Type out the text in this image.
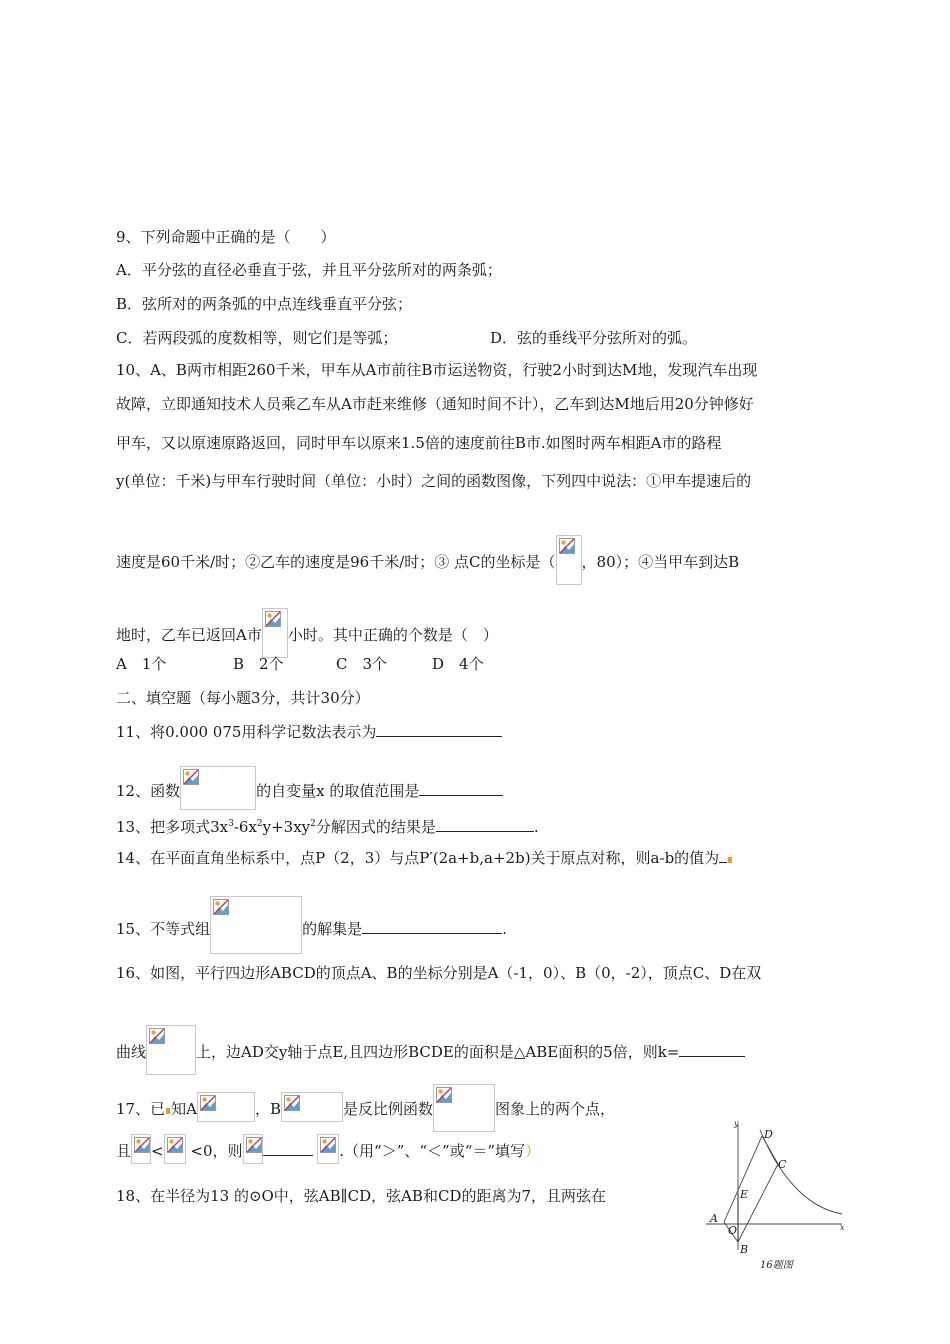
9、下列命题中正确的是（　　）
A．平分弦的直径必垂直于弦，并且平分弦所对的两条弧；
B．弦所对的两条弧的中点连线垂直平分弦；
C．若两段弧的度数相等，则它们是等弧；	D．弦的垂线平分弦所对的弧。
10、A、B两市相距260千米，甲车从A市前往B市运送物资，行驶2小时到达M地，发现汽车出现
故障，立即通知技术人员乘乙车从A市赶来维修（通知时间不计），乙车到达M地后用20分钟修好
甲车，又以原速原路返回，同时甲车以原来1.5倍的速度前往B市.如图时两车相距A市的路程
y(单位：千米)与甲车行驶时间（单位：小时）之间的函数图像，下列四中说法：①甲车提速后的
速度是60千米/时；②乙车的速度是96千米/时；③ 点C的坐标是（ ，80）；④当甲车到达B
地时，乙车已返回A市 小时。其中正确的个数是（　）
A　1个	B　2个	C　3个	D　4个
二、填空题（每小题3分，共计30分）
11、将0.000 075用科学记数法表示为
12、函数	的自变量x 的取值范围是
13、把多项式$3x^3-6x^2y+3xy^2$分解因式的结果是	.
14、在平面直角坐标系中，点P（2，3）与点P′(2a+b,a+2b)关于原点对称，则a-b的值为
15、不等式组	的解集是	.
16、如图，平行四边形ABCD的顶点A、B的坐标分别是A（-1，0）、B（0，-2），顶点C、D在双
曲线	上，边AD交y轴于点E,且四边形BCDE的面积是△ABE面积的5倍，则k=
17、已 知A	，B	是反比例函数	图象上的两个点，
且 < <0，则
	.（用“＞”、“＜”或“＝”填写）
18、在半径为13 的⊙O中，弦AB∥CD，弦AB和CD的距离为7，且两弦在
y
x
D
C
E
A
O
B
16题图
